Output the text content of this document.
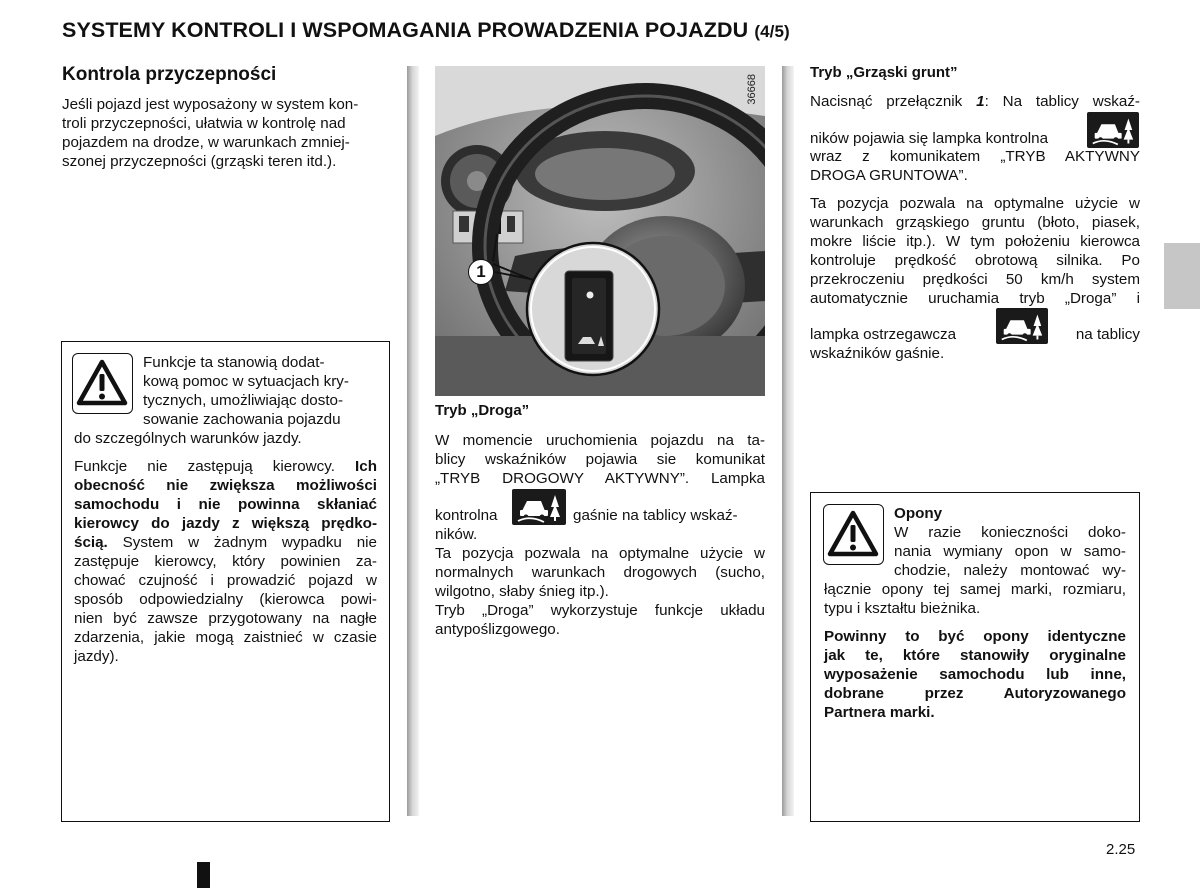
SYSTEMY KONTROLI I WSPOMAGANIA PROWADZENIA POJAZDU (4/5)
Kontrola przyczepności
Jeśli pojazd jest wyposażony w system kon-
troli przyczepności, ułatwia w kontrolę nad
pojazdem na drodze, w warunkach zmniej-
szonej przyczepności (grząski teren itd.).
Funkcje ta stanowią dodat-
kową pomoc w sytuacjach kry-
tycznych, umożliwiając dosto-
sowanie zachowania pojazdu
do szczególnych warunków jazdy.
Funkcje nie zastępują kierowcy. Ich
obecność nie zwiększa możliwości
samochodu i nie powinna skłaniać
kierowcy do jazdy z większą prędko-
ścią. System w żadnym wypadku nie
zastępuje kierowcy, który powinien za-
chować czujność i prowadzić pojazd w
sposób odpowiedzialny (kierowca powi-
nien być zawsze przygotowany na nagłe
zdarzenia, jakie mogą zaistnieć w czasie
jazdy).
36668
1
Tryb „Droga”
W momencie uruchomienia pojazdu na ta-
blicy wskaźników pojawia sie komunikat
„TRYB DROGOWY AKTYWNY”. Lampka
kontrolna	gaśnie na tablicy wskaź-
ników.
Ta pozycja pozwala na optymalne użycie w
normalnych warunkach drogowych (sucho,
wilgotno, słaby śnieg itp.).
Tryb „Droga” wykorzystuje funkcje układu
antypoślizgowego.
Tryb „Grząski grunt”
Nacisnąć przełącznik 1: Na tablicy wskaź-
ników pojawia się lampka kontrolna
wraz z komunikatem „TRYB AKTYWNY
DROGA GRUNTOWA”.
Ta pozycja pozwala na optymalne użycie w
warunkach grząskiego gruntu (błoto, piasek,
mokre liście itp.). W tym położeniu kierowca
kontroluje prędkość obrotową silnika. Po
przekroczeniu prędkości 50 km/h system
automatycznie uruchamia tryb „Droga” i
lampka ostrzegawcza	na tablicy
wskaźników gaśnie.
Opony
W razie konieczności doko-
nania wymiany opon w samo-
chodzie, należy montować wy-
łącznie opony tej samej marki, rozmiaru,
typu i kształtu bieżnika.
Powinny to być opony identyczne
jak te, które stanowiły oryginalne
wyposażenie samochodu lub inne,
dobrane przez Autoryzowanego
Partnera marki.
2.25
